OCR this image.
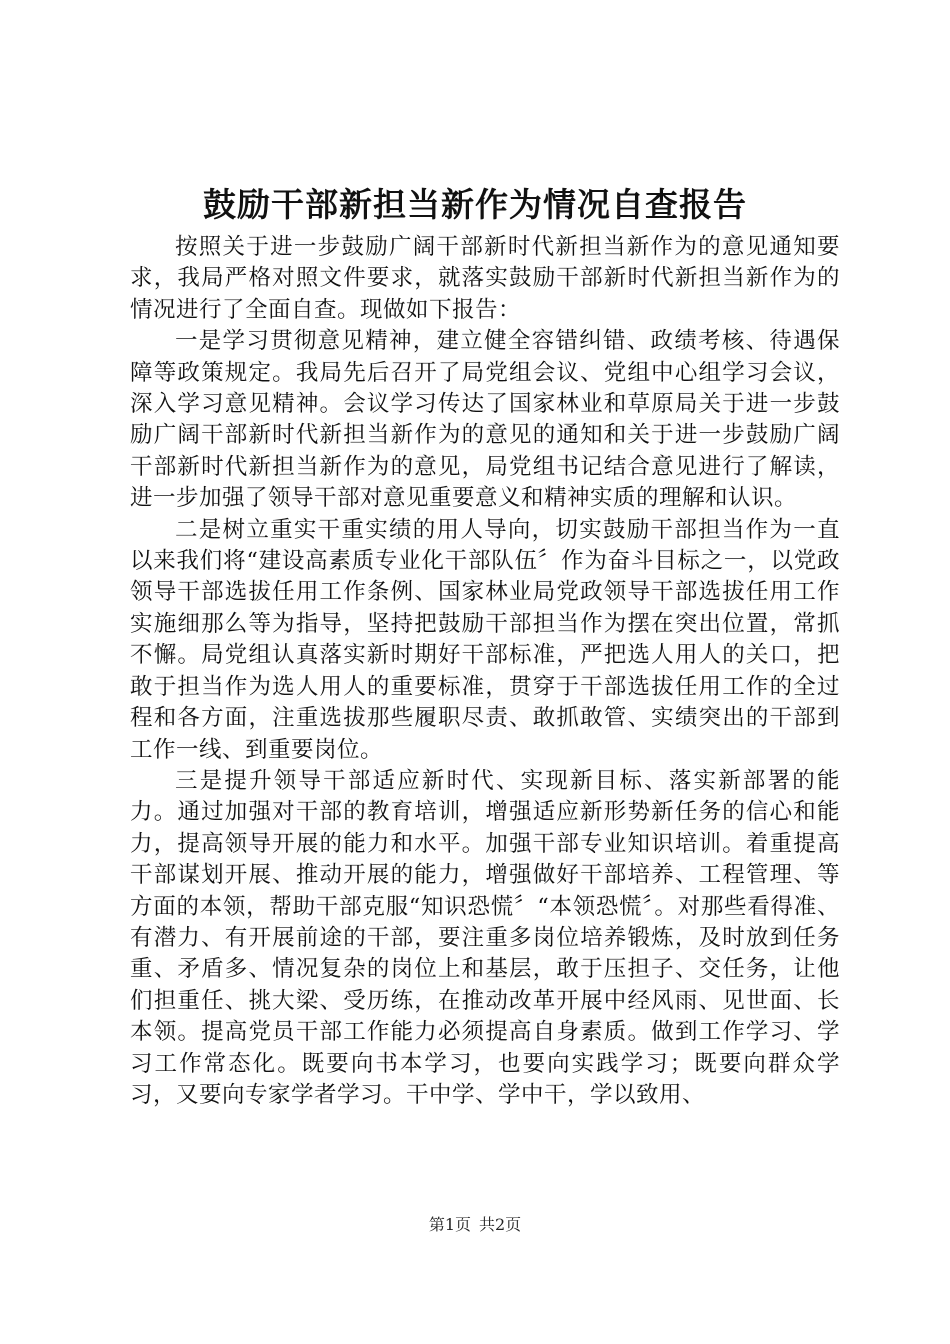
鼓励干部新担当新作为情况自查报告

按照关于进一步鼓励广阔干部新时代新担当新作为的意见通知要求，我局严格对照文件要求，就落实鼓励干部新时代新担当新作为的情况进行了全面自查。现做如下报告：

一是学习贯彻意见精神，建立健全容错纠错、政绩考核、待遇保障等政策规定。我局先后召开了局党组会议、党组中心组学习会议，深入学习意见精神。会议学习传达了国家林业和草原局关于进一步鼓励广阔干部新时代新担当新作为的意见的通知和关于进一步鼓励广阔干部新时代新担当新作为的意见，局党组书记结合意见进行了解读，进一步加强了领导干部对意见重要意义和精神实质的理解和认识。

二是树立重实干重实绩的用人导向，切实鼓励干部担当作为一直以来我们将“建设高素质专业化干部队伍〞作为奋斗目标之一，以党政领导干部选拔任用工作条例、国家林业局党政领导干部选拔任用工作实施细那么等为指导，坚持把鼓励干部担当作为摆在突出位置，常抓不懈。局党组认真落实新时期好干部标准，严把选人用人的关口，把敢于担当作为选人用人的重要标准，贯穿于干部选拔任用工作的全过程和各方面，注重选拔那些履职尽责、敢抓敢管、实绩突出的干部到工作一线、到重要岗位。

三是提升领导干部适应新时代、实现新目标、落实新部署的能力。通过加强对干部的教育培训，增强适应新形势新任务的信心和能力，提高领导开展的能力和水平。加强干部专业知识培训。着重提高干部谋划开展、推动开展的能力，增强做好干部培养、工程管理、等方面的本领，帮助干部克服“知识恐慌〞“本领恐慌〞。对那些看得准、有潜力、有开展前途的干部，要注重多岗位培养锻炼，及时放到任务重、矛盾多、情况复杂的岗位上和基层，敢于压担子、交任务，让他们担重任、挑大梁、受历练，在推动改革开展中经风雨、见世面、长本领。提高党员干部工作能力必须提高自身素质。做到工作学习、学习工作常态化。既要向书本学习，也要向实践学习；既要向群众学习，又要向专家学者学习。干中学、学中干，学以致用、

第1页 共2页
